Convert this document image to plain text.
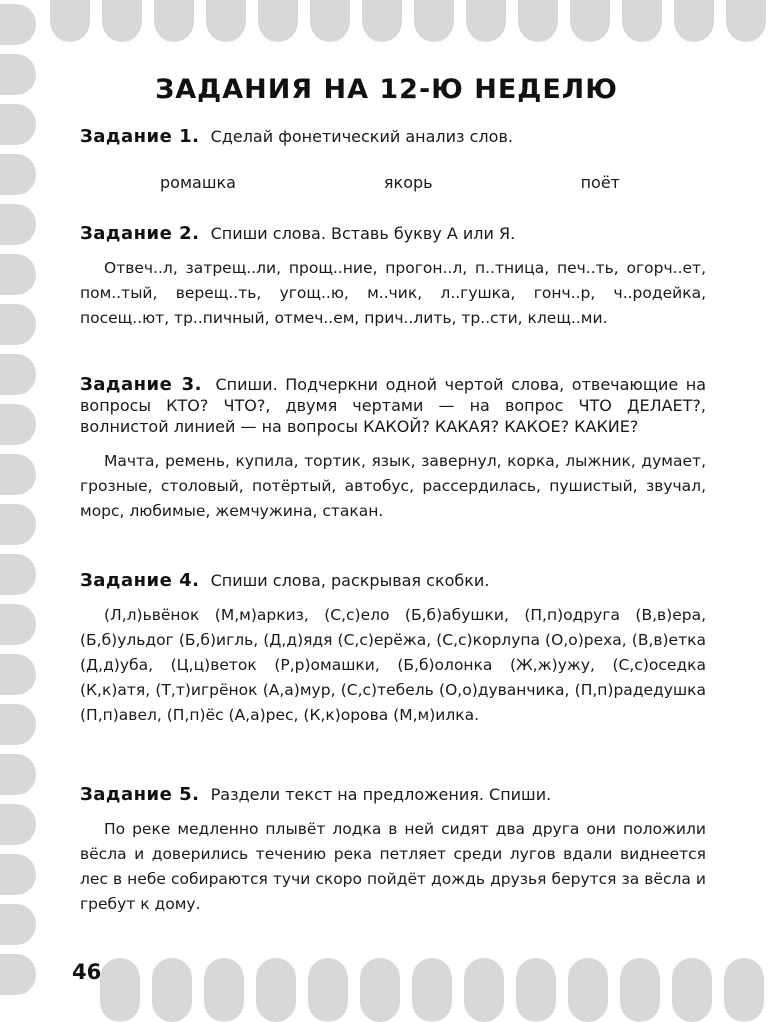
ЗАДАНИЯ НА 12-Ю НЕДЕЛЮ
Задание 1. Сделай фонетический анализ слов.
ромашка	якорь	поёт
Задание 2. Спиши слова. Вставь букву А или Я.
Отвеч..л, затрещ..ли, прощ..ние, прогон..л, п..тница, печ..ть, огорч..ет, пом..тый, верещ..ть, угощ..ю, м..чик, л..гушка, гонч..р, ч..родейка, посещ..ют, тр..пичный, отмеч..ем, прич..лить, тр..сти, клещ..ми.
Задание 3. Спиши. Подчеркни одной чертой слова, отвечающие на вопросы КТО? ЧТО?, двумя чертами — на вопрос ЧТО ДЕЛАЕТ?, волнистой линией — на вопросы КАКОЙ? КАКАЯ? КАКОЕ? КАКИЕ?
Мачта, ремень, купила, тортик, язык, завернул, корка, лыжник, думает, грозные, столовый, потёртый, автобус, рассердилась, пушистый, звучал, морс, любимые, жемчужина, стакан.
Задание 4. Спиши слова, раскрывая скобки.
(Л,л)ьвёнок (М,м)аркиз, (С,с)ело (Б,б)абушки, (П,п)одруга (В,в)ера, (Б,б)ульдог (Б,б)игль, (Д,д)ядя (С,с)ерёжа, (С,с)корлупа (О,о)реха, (В,в)етка (Д,д)уба, (Ц,ц)веток (Р,р)омашки, (Б,б)олонка (Ж,ж)ужу, (С,с)оседка (К,к)атя, (Т,т)игрёнок (А,а)мур, (С,с)тебель (О,о)дуванчика, (П,п)радедушка (П,п)авел, (П,п)ёс (А,а)рес, (К,к)орова (М,м)илка.
Задание 5. Раздели текст на предложения. Спиши.
По реке медленно плывёт лодка в ней сидят два друга они положили вёсла и доверились течению река петляет среди лугов вдали виднеется лес в небе собираются тучи скоро пойдёт дождь друзья берутся за вёсла и гребут к дому.
46
